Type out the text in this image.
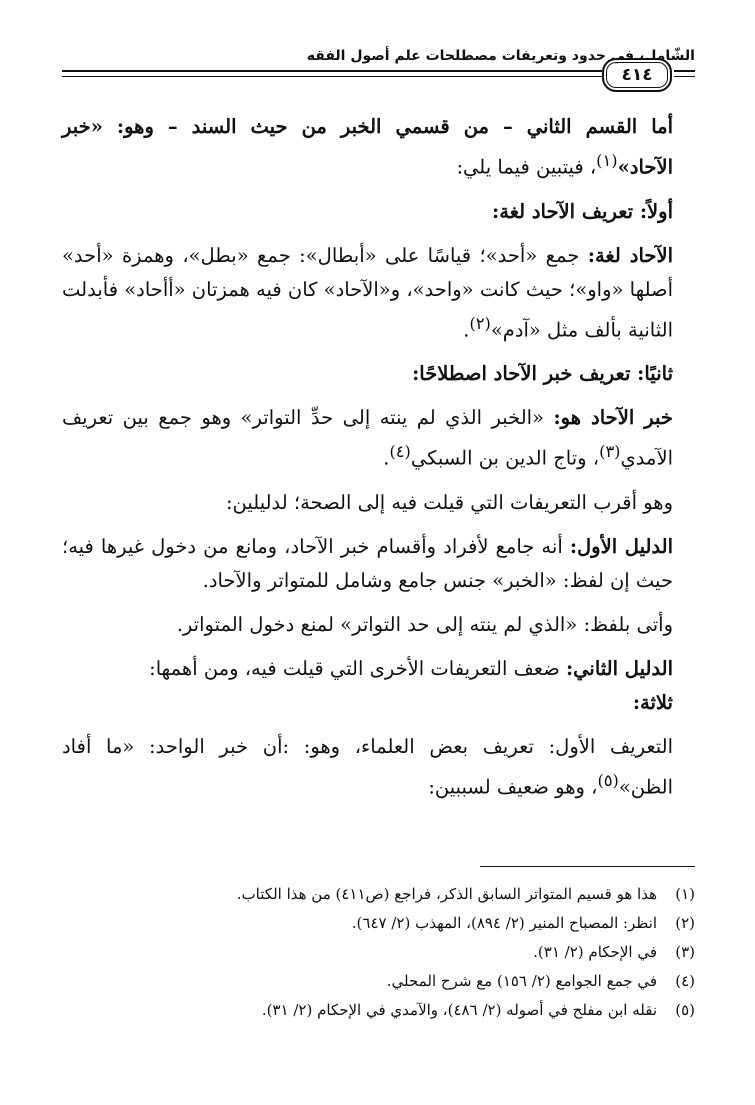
الشّامل، في حدود وتعريفات مصطلحات علم أصول الفقه
٤١٤

أما القسم الثاني – من قسمي الخبر من حيث السند – وهو: «خبر الآحاد»$^{(١)}$، فيتبين فيما يلي:

أولاً: تعريف الآحاد لغة:

الآحاد لغة: جمع «أحد»؛ قياسًا على «أبطال»: جمع «بطل»، وهمزة «أحد» أصلها «واو»؛ حيث كانت «واحد»، و«الآحاد» كان فيه همزتان «أأحاد» فأبدلت الثانية بألف مثل «آدم»$^{(٢)}$.

ثانيًا: تعريف خبر الآحاد اصطلاحًا:

خبر الآحاد هو: «الخبر الذي لم ينته إلى حدِّ التواتر» وهو جمع بين تعريف الآمدي$^{(٣)}$، وتاج الدين بن السبكي$^{(٤)}$.

وهو أقرب التعريفات التي قيلت فيه إلى الصحة؛ لدليلين:

الدليل الأول: أنه جامع لأفراد وأقسام خبر الآحاد، ومانع من دخول غيرها فيه؛ حيث إن لفظ: «الخبر» جنس جامع وشامل للمتواتر والآحاد.

وأتى بلفظ: «الذي لم ينته إلى حد التواتر» لمنع دخول المتواتر.

الدليل الثاني: ضعف التعريفات الأخرى التي قيلت فيه، ومن أهمها:
ثلاثة:

التعريف الأول: تعريف بعض العلماء، وهو: :أن خبر الواحد: «ما أفاد الظن»$^{(٥)}$، وهو ضعيف لسببين:

(١)
هذا هو قسيم المتواتر السابق الذكر، فراجع (ص٤١١) من هذا الكتاب.
(٢)
انظر: المصباح المنير (٢/ ٨٩٤)، المهذب (٢/ ٦٤٧).
(٣)
في الإحكام (٢/ ٣١).
(٤)
في جمع الجوامع (٢/ ١٥٦) مع شرح المحلي.
(٥)
نقله ابن مفلح في أصوله (٢/ ٤٨٦)، والآمدي في الإحكام (٢/ ٣١).
